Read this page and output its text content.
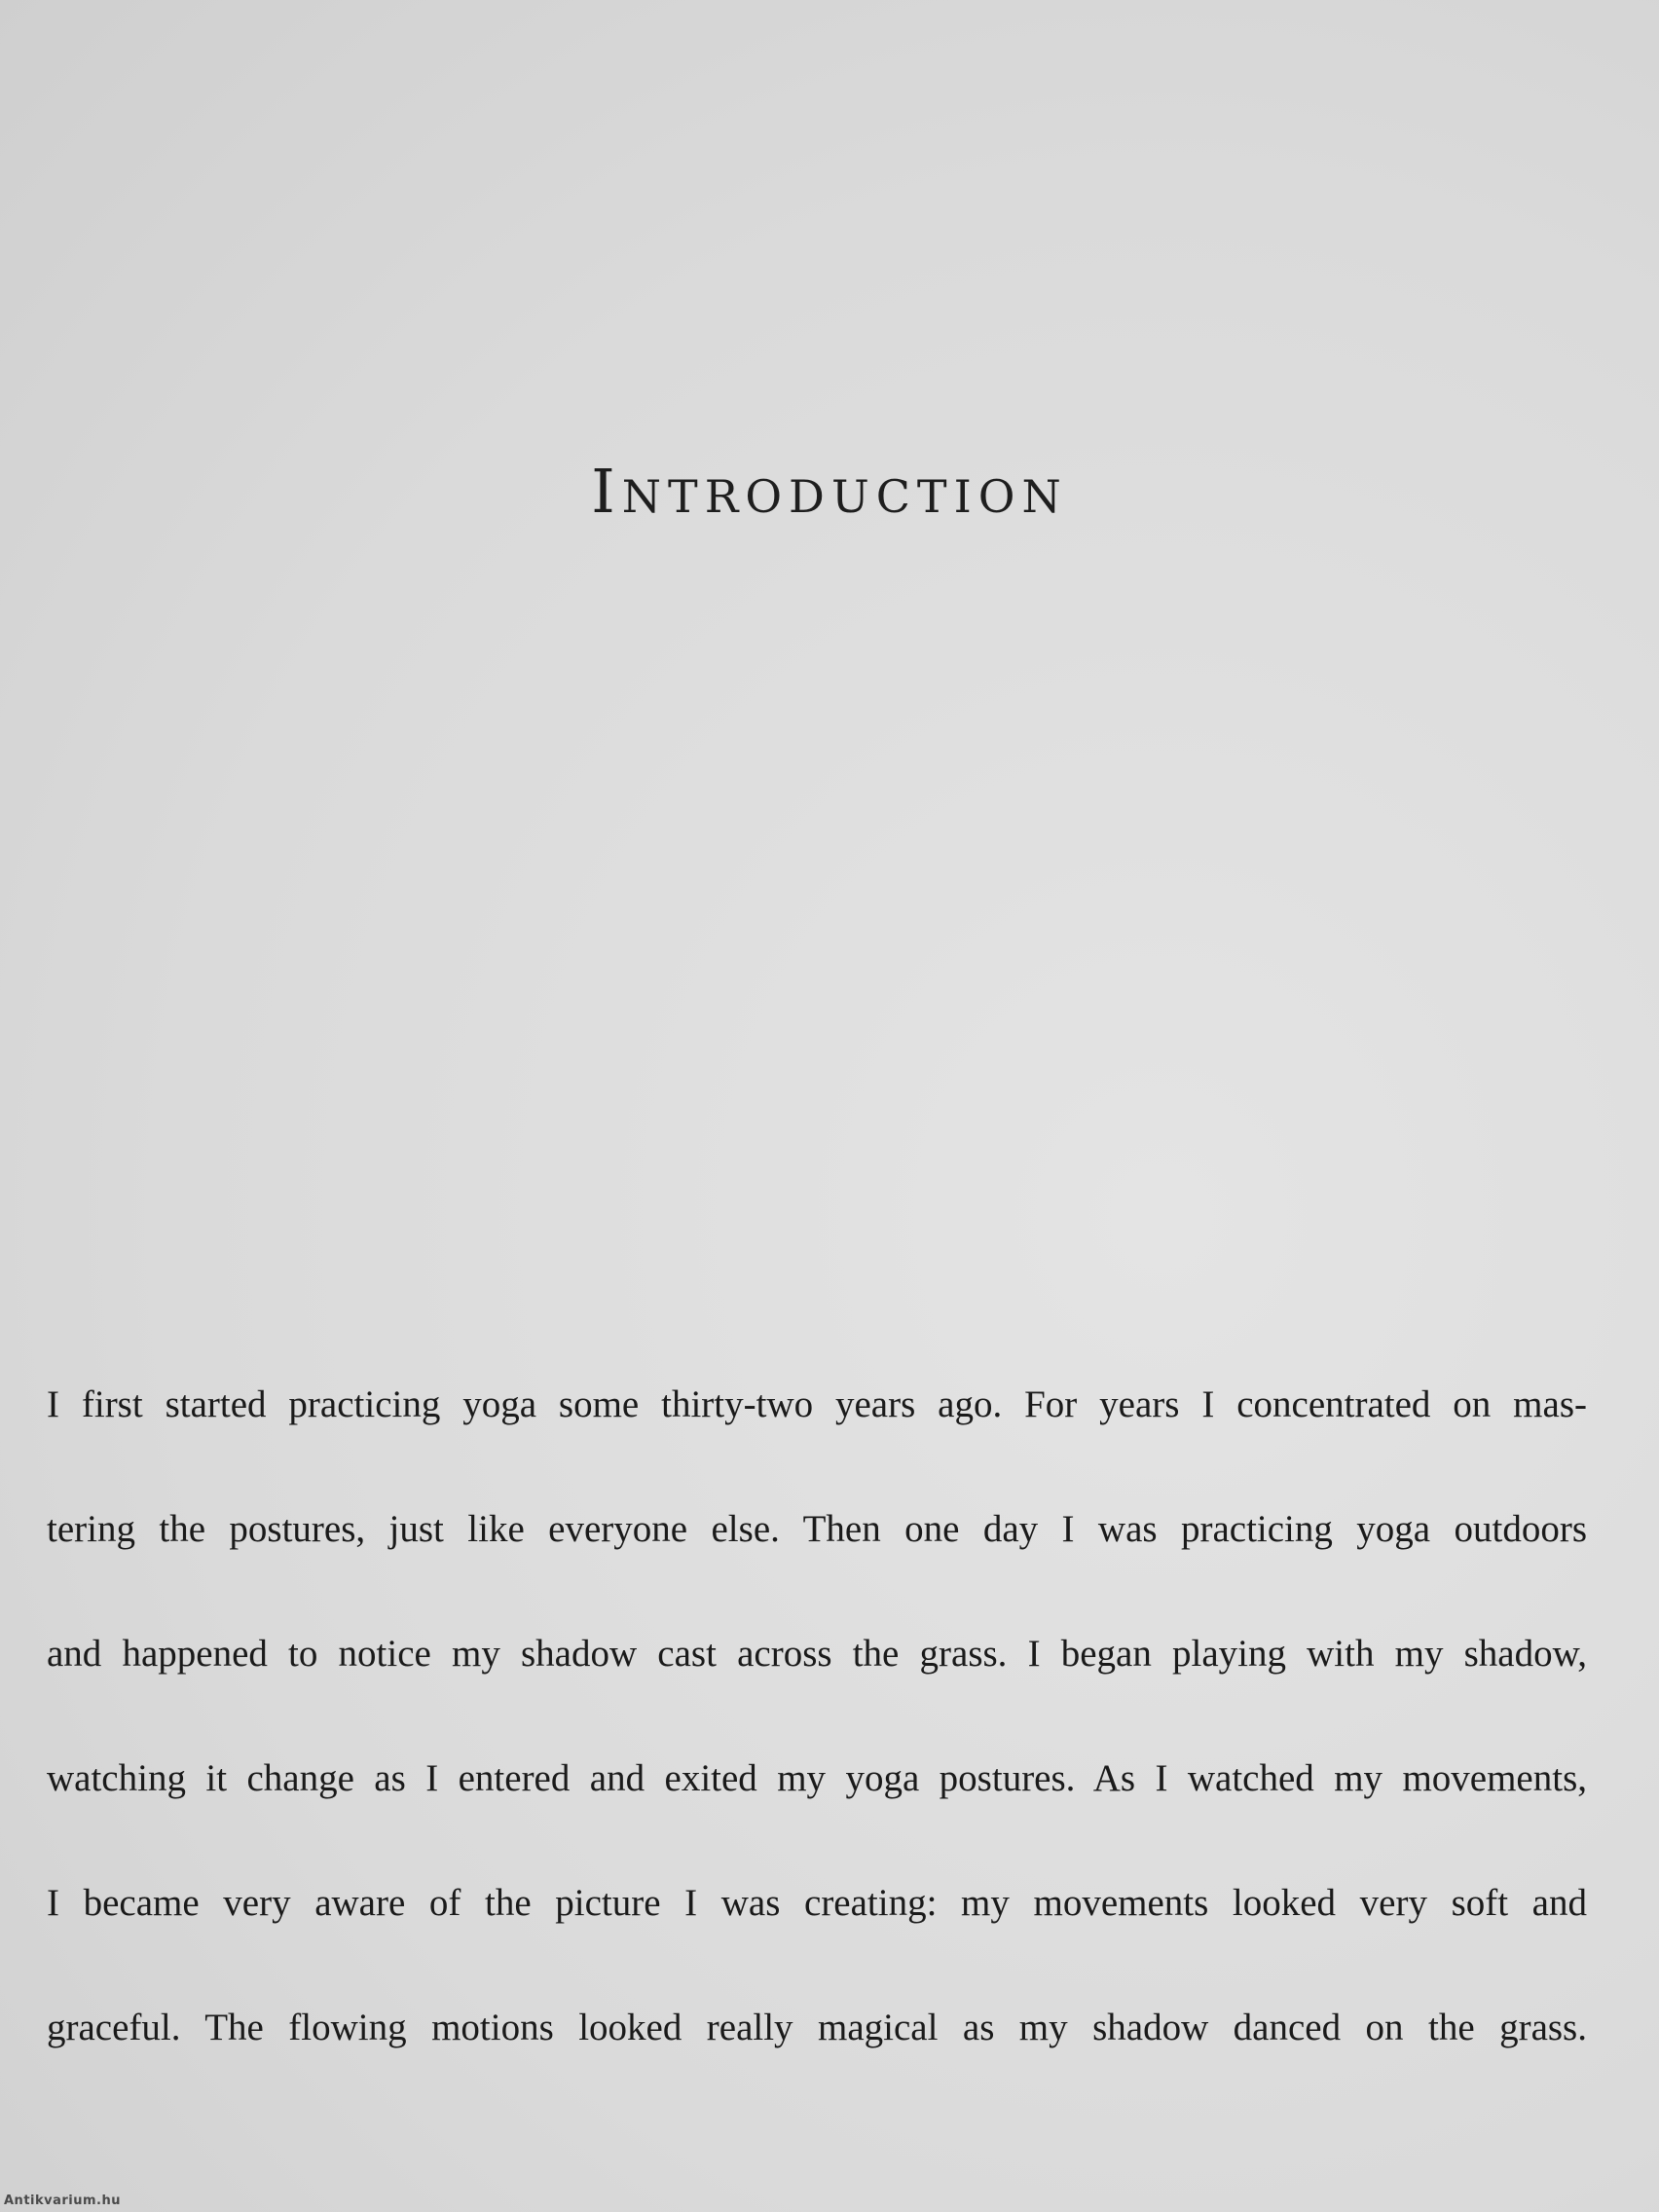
INTRODUCTION
I first started practicing yoga some thirty-two years ago. For years I concentrated on mas-
tering the postures, just like everyone else. Then one day I was practicing yoga outdoors
and happened to notice my shadow cast across the grass. I began playing with my shadow,
watching it change as I entered and exited my yoga postures. As I watched my movements,
I became very aware of the picture I was creating: my movements looked very soft and
graceful. The flowing motions looked really magical as my shadow danced on the grass.
Antikvarium.hu
